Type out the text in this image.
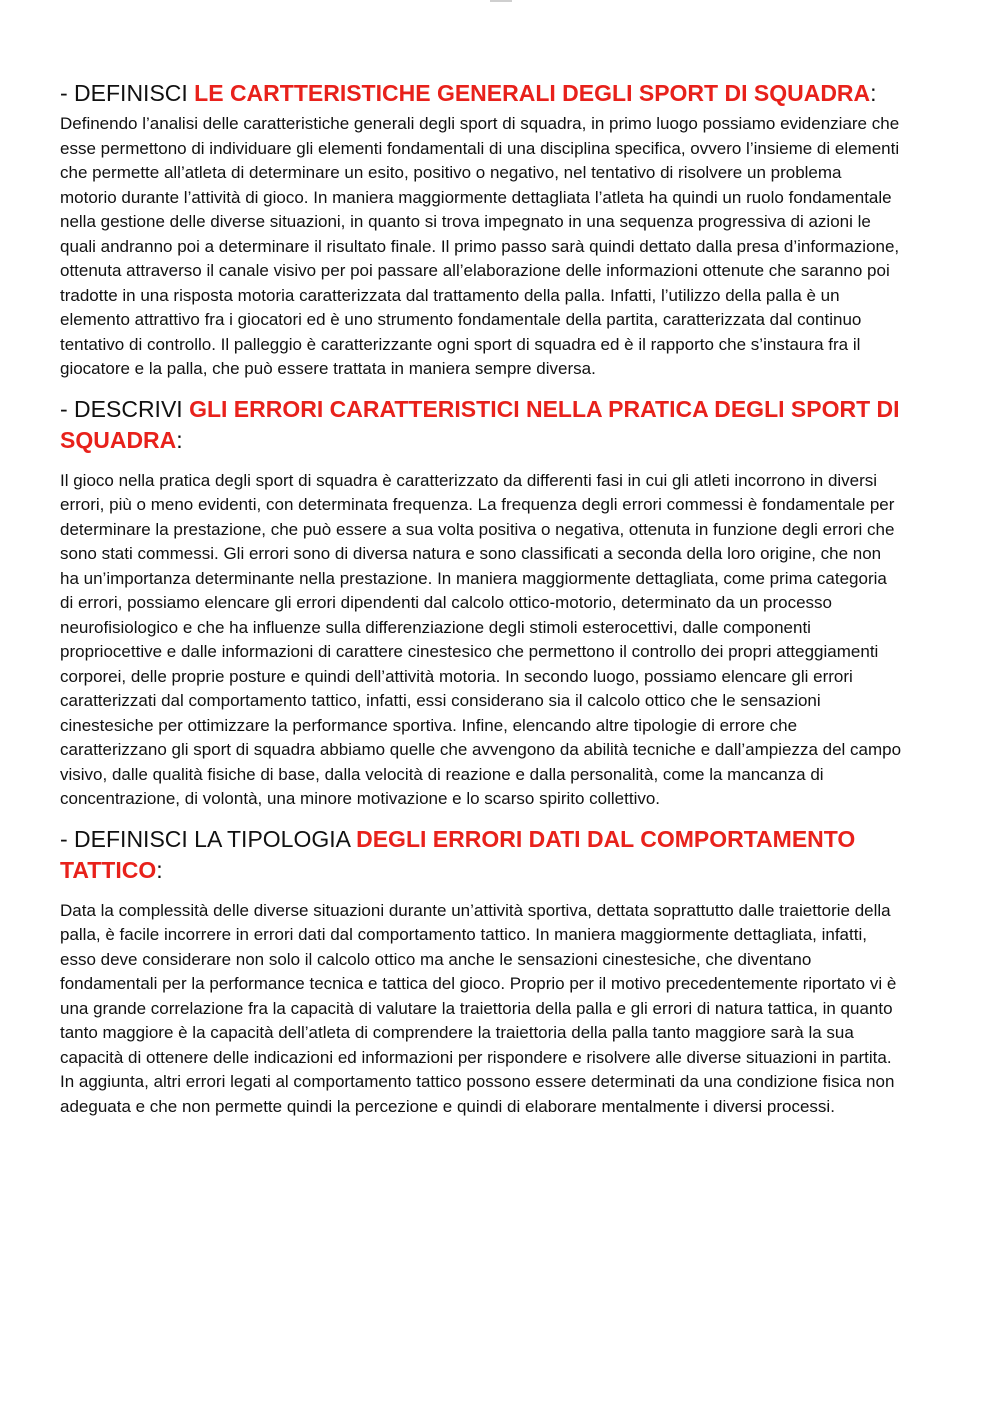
- DEFINISCI LE CARTTERISTICHE GENERALI DEGLI SPORT DI SQUADRA:

Definendo l’analisi delle caratteristiche generali degli sport di squadra, in primo luogo possiamo evidenziare che esse permettono di individuare gli elementi fondamentali di una disciplina specifica, ovvero l’insieme di elementi che permette all’atleta di determinare un esito, positivo o negativo, nel tentativo di risolvere un problema motorio durante l’attività di gioco. In maniera maggiormente dettagliata l’atleta ha quindi un ruolo fondamentale nella gestione delle diverse situazioni, in quanto si trova impegnato in una sequenza progressiva di azioni le quali andranno poi a determinare il risultato finale. Il primo passo sarà quindi dettato dalla presa d’informazione, ottenuta attraverso il canale visivo per poi passare all’elaborazione delle informazioni ottenute che saranno poi tradotte in una risposta motoria caratterizzata dal trattamento della palla. Infatti, l’utilizzo della palla è un elemento attrattivo fra i giocatori ed è uno strumento fondamentale della partita, caratterizzata dal continuo tentativo di controllo. Il palleggio è caratterizzante ogni sport di squadra ed è il rapporto che s’instaura fra il giocatore e la palla, che può essere trattata in maniera sempre diversa.

- DESCRIVI GLI ERRORI CARATTERISTICI NELLA PRATICA DEGLI SPORT DI SQUADRA:

Il gioco nella pratica degli sport di squadra è caratterizzato da differenti fasi in cui gli atleti incorrono in diversi errori, più o meno evidenti, con determinata frequenza. La frequenza degli errori commessi è fondamentale per determinare la prestazione, che può essere a sua volta positiva o negativa, ottenuta in funzione degli errori che sono stati commessi. Gli errori sono di diversa natura e sono classificati a seconda della loro origine, che non ha un’importanza determinante nella prestazione. In maniera maggiormente dettagliata, come prima categoria di errori, possiamo elencare gli errori dipendenti dal calcolo ottico-motorio, determinato da un processo neurofisiologico e che ha influenze sulla differenziazione degli stimoli esterocettivi, dalle componenti propriocettive e dalle informazioni di carattere cinestesico che permettono il controllo dei propri atteggiamenti corporei, delle proprie posture e quindi dell’attività motoria. In secondo luogo, possiamo elencare gli errori caratterizzati dal comportamento tattico, infatti, essi considerano sia il calcolo ottico che le sensazioni cinestesiche per ottimizzare la performance sportiva. Infine, elencando altre tipologie di errore che caratterizzano gli sport di squadra abbiamo quelle che avvengono da abilità tecniche e dall’ampiezza del campo visivo, dalle qualità fisiche di base, dalla velocità di reazione e dalla personalità, come la mancanza di concentrazione, di volontà, una minore motivazione e lo scarso spirito collettivo.

- DEFINISCI LA TIPOLOGIA DEGLI ERRORI DATI DAL COMPORTAMENTO TATTICO:

Data la complessità delle diverse situazioni durante un’attività sportiva, dettata soprattutto dalle traiettorie della palla, è facile incorrere in errori dati dal comportamento tattico. In maniera maggiormente dettagliata, infatti, esso deve considerare non solo il calcolo ottico ma anche le sensazioni cinestesiche, che diventano fondamentali per la performance tecnica e tattica del gioco. Proprio per il motivo precedentemente riportato vi è una grande correlazione fra la capacità di valutare la traiettoria della palla e gli errori di natura tattica, in quanto tanto maggiore è la capacità dell’atleta di comprendere la traiettoria della palla tanto maggiore sarà la sua capacità di ottenere delle indicazioni ed informazioni per rispondere e risolvere alle diverse situazioni in partita. In aggiunta, altri errori legati al comportamento tattico possono essere determinati da una condizione fisica non adeguata e che non permette quindi la percezione e quindi di elaborare mentalmente i diversi processi.
